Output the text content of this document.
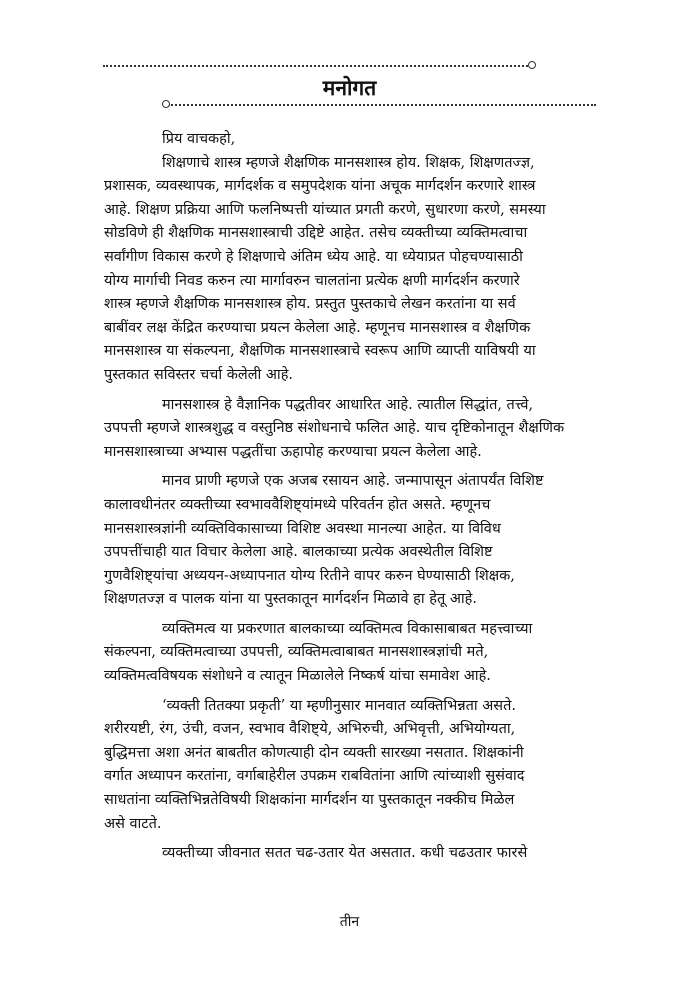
मनोगत
प्रिय वाचकहो,
शिक्षणाचे शास्त्र म्हणजे शैक्षणिक मानसशास्त्र होय. शिक्षक, शिक्षणतज्ज्ञ,
प्रशासक, व्यवस्थापक, मार्गदर्शक व समुपदेशक यांना अचूक मार्गदर्शन करणारे शास्त्र
आहे. शिक्षण प्रक्रिया आणि फलनिष्पत्ती यांच्यात प्रगती करणे, सुधारणा करणे, समस्या
सोडविणे ही शैक्षणिक मानसशास्त्राची उद्दिष्टे आहेत. तसेच व्यक्तीच्या व्यक्तिमत्वाचा
सर्वांगीण विकास करणे हे शिक्षणाचे अंतिम ध्येय आहे. या ध्येयाप्रत पोहचण्यासाठी
योग्य मार्गाची निवड करुन त्या मार्गावरुन चालतांना प्रत्येक क्षणी मार्गदर्शन करणारे
शास्त्र म्हणजे शैक्षणिक मानसशास्त्र होय. प्रस्तुत पुस्तकाचे लेखन करतांना या सर्व
बाबींवर लक्ष केंद्रित करण्याचा प्रयत्न केलेला आहे. म्हणूनच मानसशास्त्र व शैक्षणिक
मानसशास्त्र या संकल्पना, शैक्षणिक मानसशास्त्राचे स्वरूप आणि व्याप्ती याविषयी या
पुस्तकात सविस्तर चर्चा केलेली आहे.
मानसशास्त्र हे वैज्ञानिक पद्धतीवर आधारित आहे. त्यातील सिद्धांत, तत्त्वे,
उपपत्ती म्हणजे शास्त्रशुद्ध व वस्तुनिष्ठ संशोधनाचे फलित आहे. याच दृष्टिकोनातून शैक्षणिक
मानसशास्त्राच्या अभ्यास पद्धतींचा ऊहापोह करण्याचा प्रयत्न केलेला आहे.
मानव प्राणी म्हणजे एक अजब रसायन आहे. जन्मापासून अंतापर्यंत विशिष्ट
कालावधीनंतर व्यक्तीच्या स्वभाववैशिष्ट्यांमध्ये परिवर्तन होत असते. म्हणूनच
मानसशास्त्रज्ञांनी व्यक्तिविकासाच्या विशिष्ट अवस्था मानल्या आहेत. या विविध
उपपत्तींचाही यात विचार केलेला आहे. बालकाच्या प्रत्येक अवस्थेतील विशिष्ट
गुणवैशिष्ट्यांचा अध्ययन-अध्यापनात योग्य रितीने वापर करुन घेण्यासाठी शिक्षक,
शिक्षणतज्ज्ञ व पालक यांना या पुस्तकातून मार्गदर्शन मिळावे हा हेतू आहे.
व्यक्तिमत्व या प्रकरणात बालकाच्या व्यक्तिमत्व विकासाबाबत महत्त्वाच्या
संकल्पना, व्यक्तिमत्वाच्या उपपत्ती, व्यक्तिमत्वाबाबत मानसशास्त्रज्ञांची मते,
व्यक्तिमत्वविषयक संशोधने व त्यातून मिळालेले निष्कर्ष यांचा समावेश आहे.
‘व्यक्ती तितक्या प्रकृती’ या म्हणीनुसार मानवात व्यक्तिभिन्नता असते.
शरीरयष्टी, रंग, उंची, वजन, स्वभाव वैशिष्ट्ये, अभिरुची, अभिवृत्ती, अभियोग्यता,
बुद्धिमत्ता अशा अनंत बाबतीत कोणत्याही दोन व्यक्ती सारख्या नसतात. शिक्षकांनी
वर्गात अध्यापन करतांना, वर्गाबाहेरील उपक्रम राबवितांना आणि त्यांच्याशी सुसंवाद
साधतांना व्यक्तिभिन्नतेविषयी शिक्षकांना मार्गदर्शन या पुस्तकातून नक्कीच मिळेल
असे वाटते.
व्यक्तीच्या जीवनात सतत चढ-उतार येत असतात. कधी चढउतार फारसे
तीन
